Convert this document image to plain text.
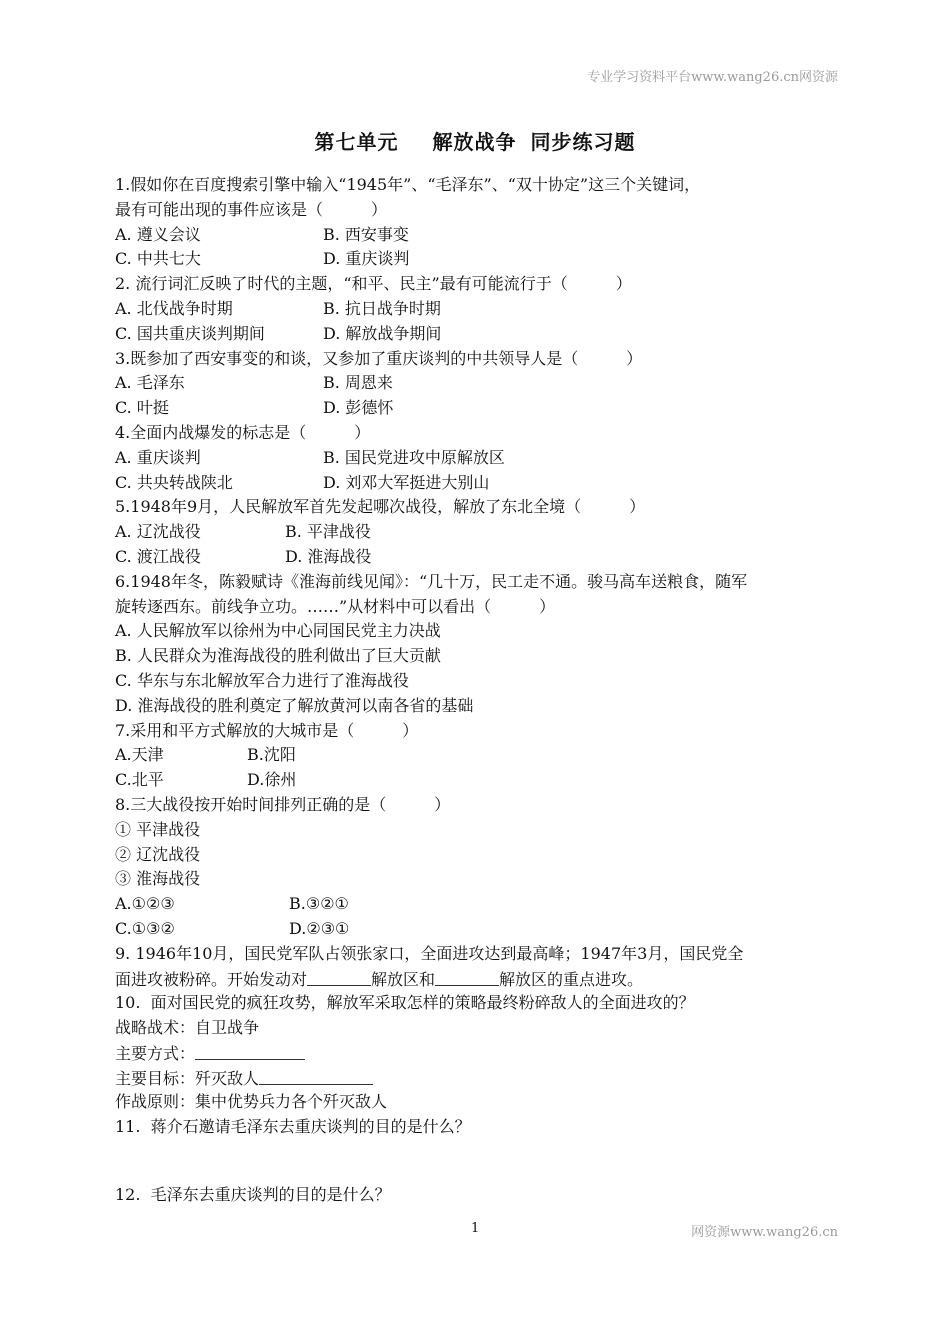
专业学习资料平台www.wang26.cn网资源
第七单元 解放战争 同步练习题
1.假如你在百度搜索引擎中输入“1945年”、“毛泽东”、“双十协定”这三个关键词，
最有可能出现的事件应该是（　　　）
A. 遵义会议	B. 西安事变
C. 中共七大	D. 重庆谈判
2. 流行词汇反映了时代的主题，“和平、民主”最有可能流行于（　　　）
A. 北伐战争时期	B. 抗日战争时期
C. 国共重庆谈判期间	D. 解放战争期间
3.既参加了西安事变的和谈，又参加了重庆谈判的中共领导人是（　　　）
A. 毛泽东	B. 周恩来
C. 叶挺	D. 彭德怀
4.全面内战爆发的标志是（　　　）
A. 重庆谈判	B. 国民党进攻中原解放区
C. 共央转战陕北	D. 刘邓大军挺进大别山
5.1948年9月，人民解放军首先发起哪次战役，解放了东北全境（　　　）
A. 辽沈战役	B. 平津战役
C. 渡江战役	D. 淮海战役
6.1948年冬，陈毅赋诗《淮海前线见闻》：“几十万，民工走不通。骏马高车送粮食，随军
旋转逐西东。前线争立功。……”从材料中可以看出（　　　）
A. 人民解放军以徐州为中心同国民党主力决战
B. 人民群众为淮海战役的胜利做出了巨大贡献
C. 华东与东北解放军合力进行了淮海战役
D. 淮海战役的胜利奠定了解放黄河以南各省的基础
7.采用和平方式解放的大城市是（　　　）
A.天津	B.沈阳
C.北平	D.徐州
8.三大战役按开始时间排列正确的是（　　　）
① 平津战役
② 辽沈战役
③ 淮海战役
A.①②③	B.③②①
C.①③②	D.②③①
9. 1946年10月，国民党军队占领张家口，全面进攻达到最高峰；1947年3月，国民党全
面进攻被粉碎。开始发动对	解放区和	解放区的重点进攻。
10.  面对国民党的疯狂攻势，解放军采取怎样的策略最终粉碎敌人的全面进攻的？
战略战术：自卫战争
主要方式：
主要目标：歼灭敌人
作战原则：集中优势兵力各个歼灭敌人
11.  蒋介石邀请毛泽东去重庆谈判的目的是什么？
12.  毛泽东去重庆谈判的目的是什么？
1	网资源www.wang26.cn
